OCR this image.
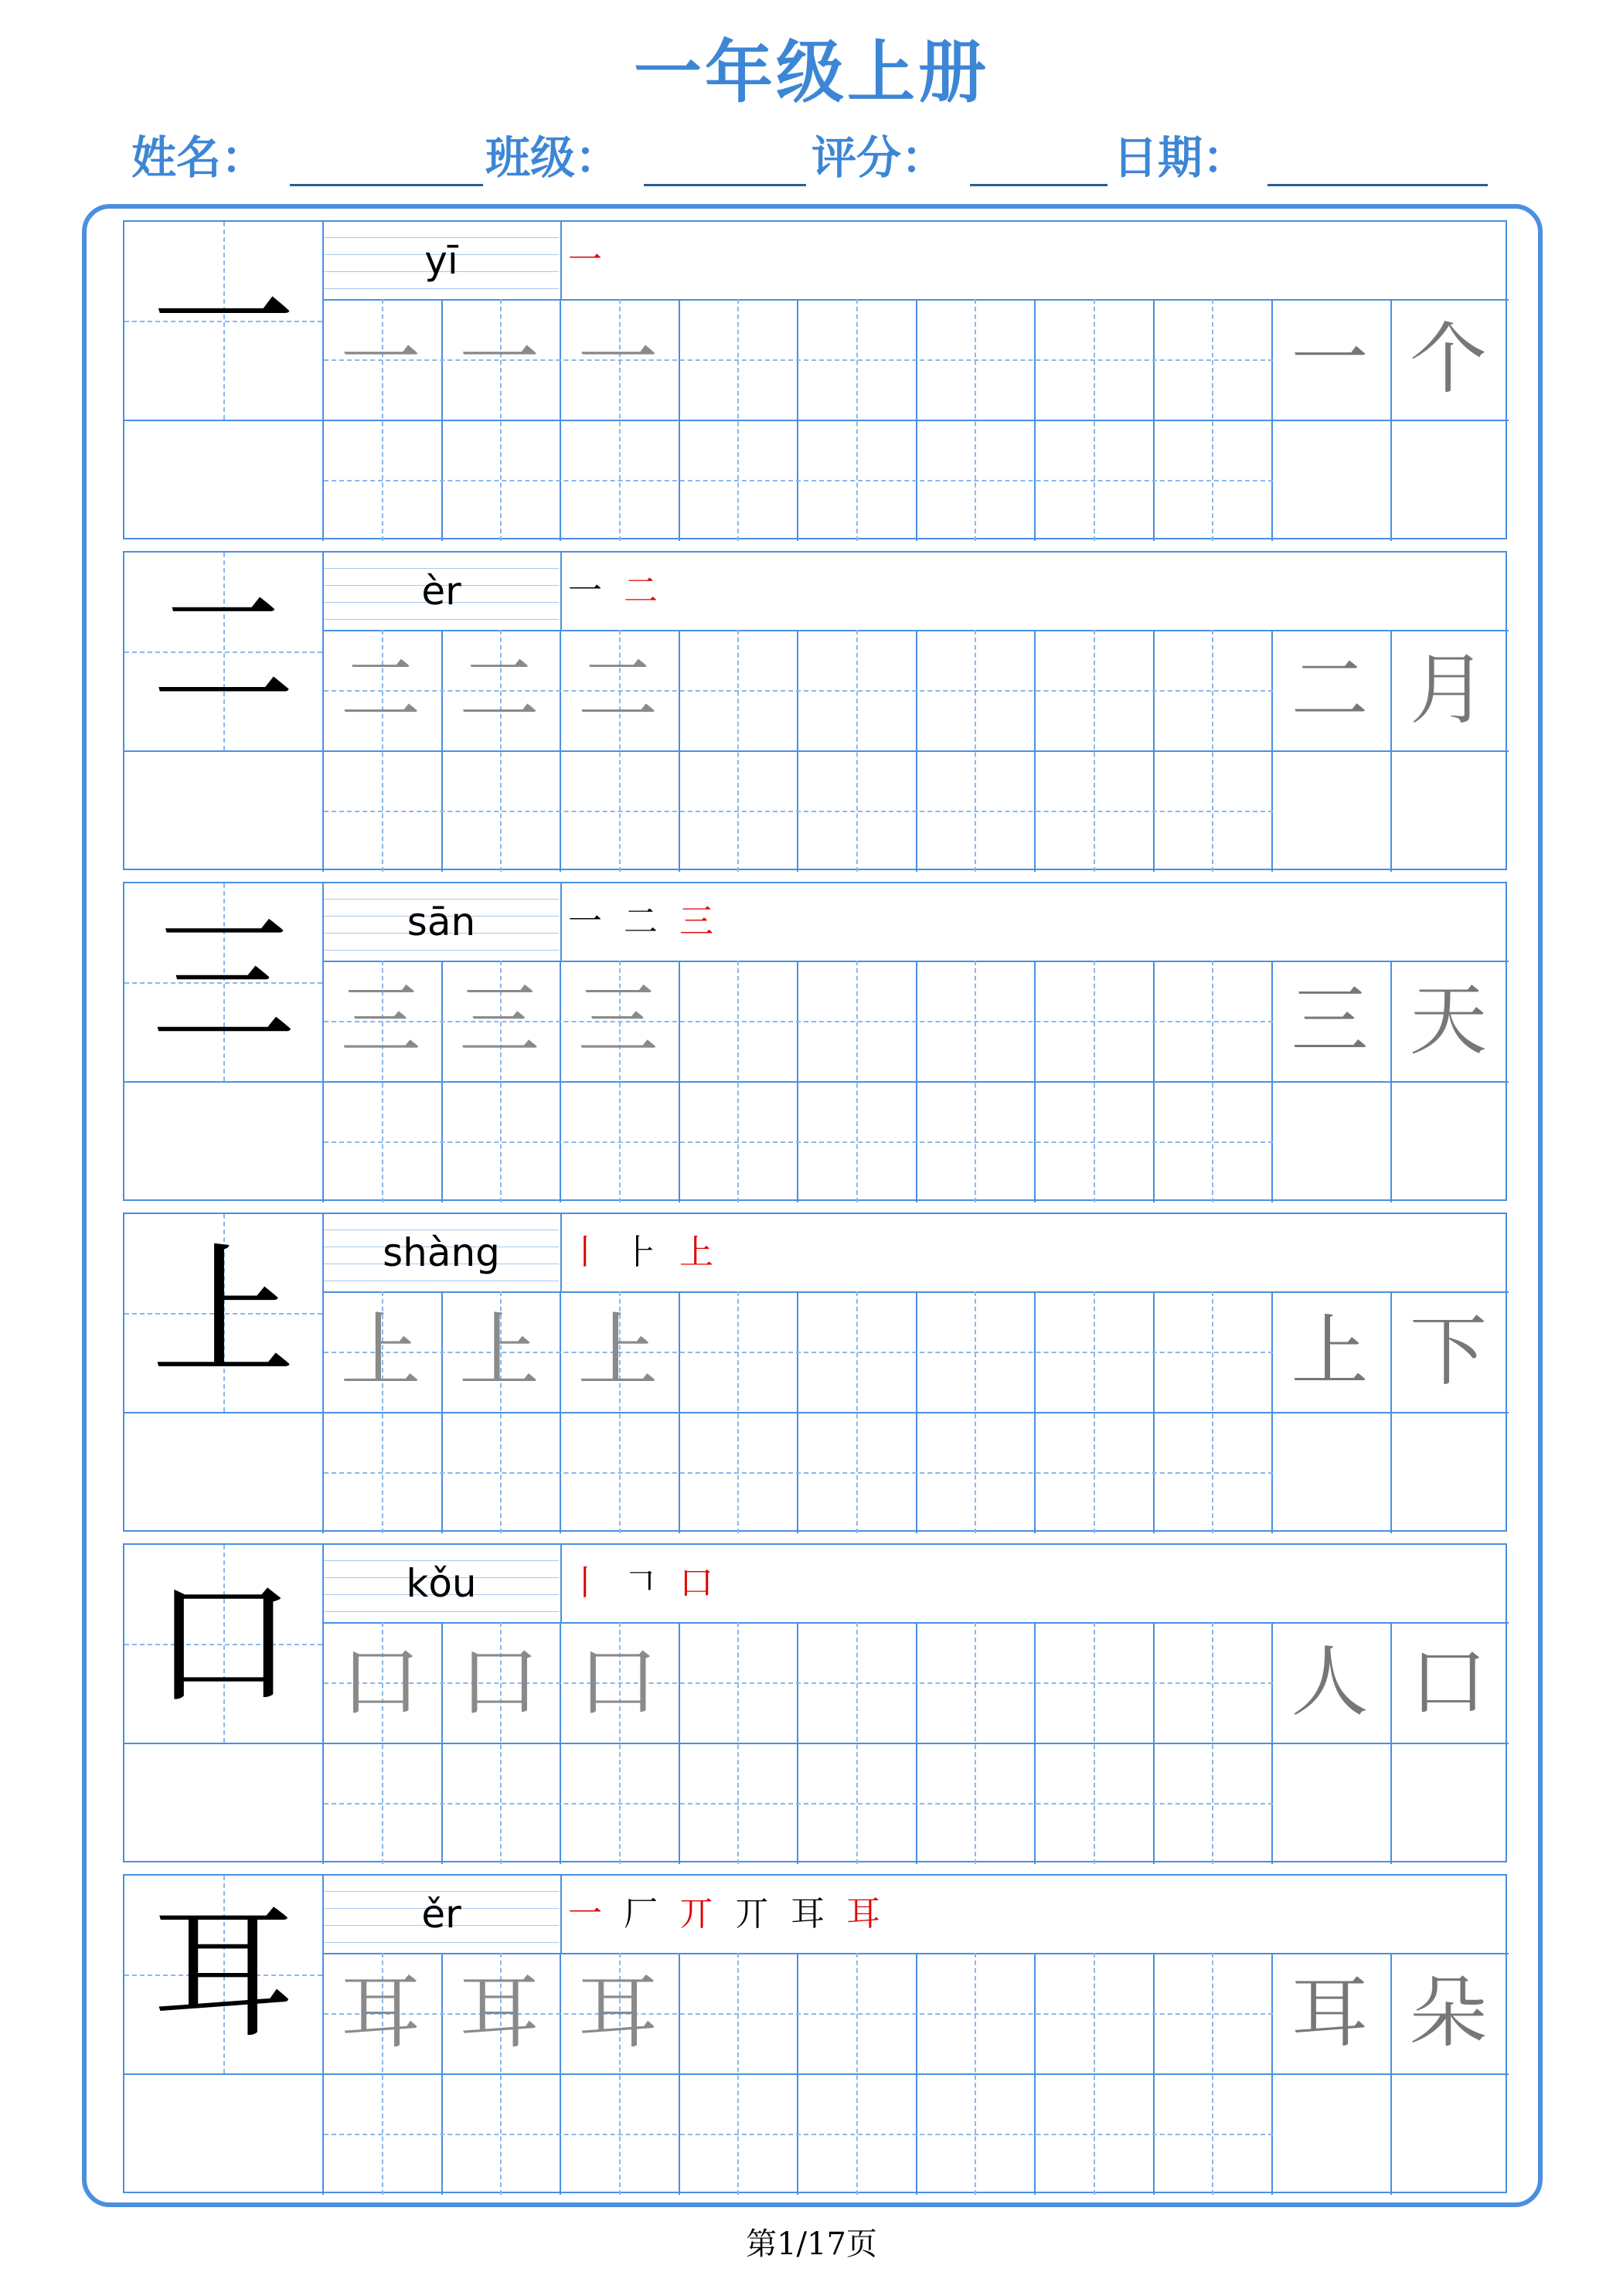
一年级上册
姓名：	班级：	评分：	日期：
一	yī	一
一 一 一	一 个
二	èr	一 二
二 二 二	二 月
三	sān	一 二 三
三 三 三	三 天
上	shàng	丨 ⺊ 上
上 上 上	上 下
口	kǒu	丨 𠃍 口
口 口 口	人 口
耳	ěr	一 厂 丌 丌 耳 耳
耳 耳 耳	耳 朵
第1/17页
